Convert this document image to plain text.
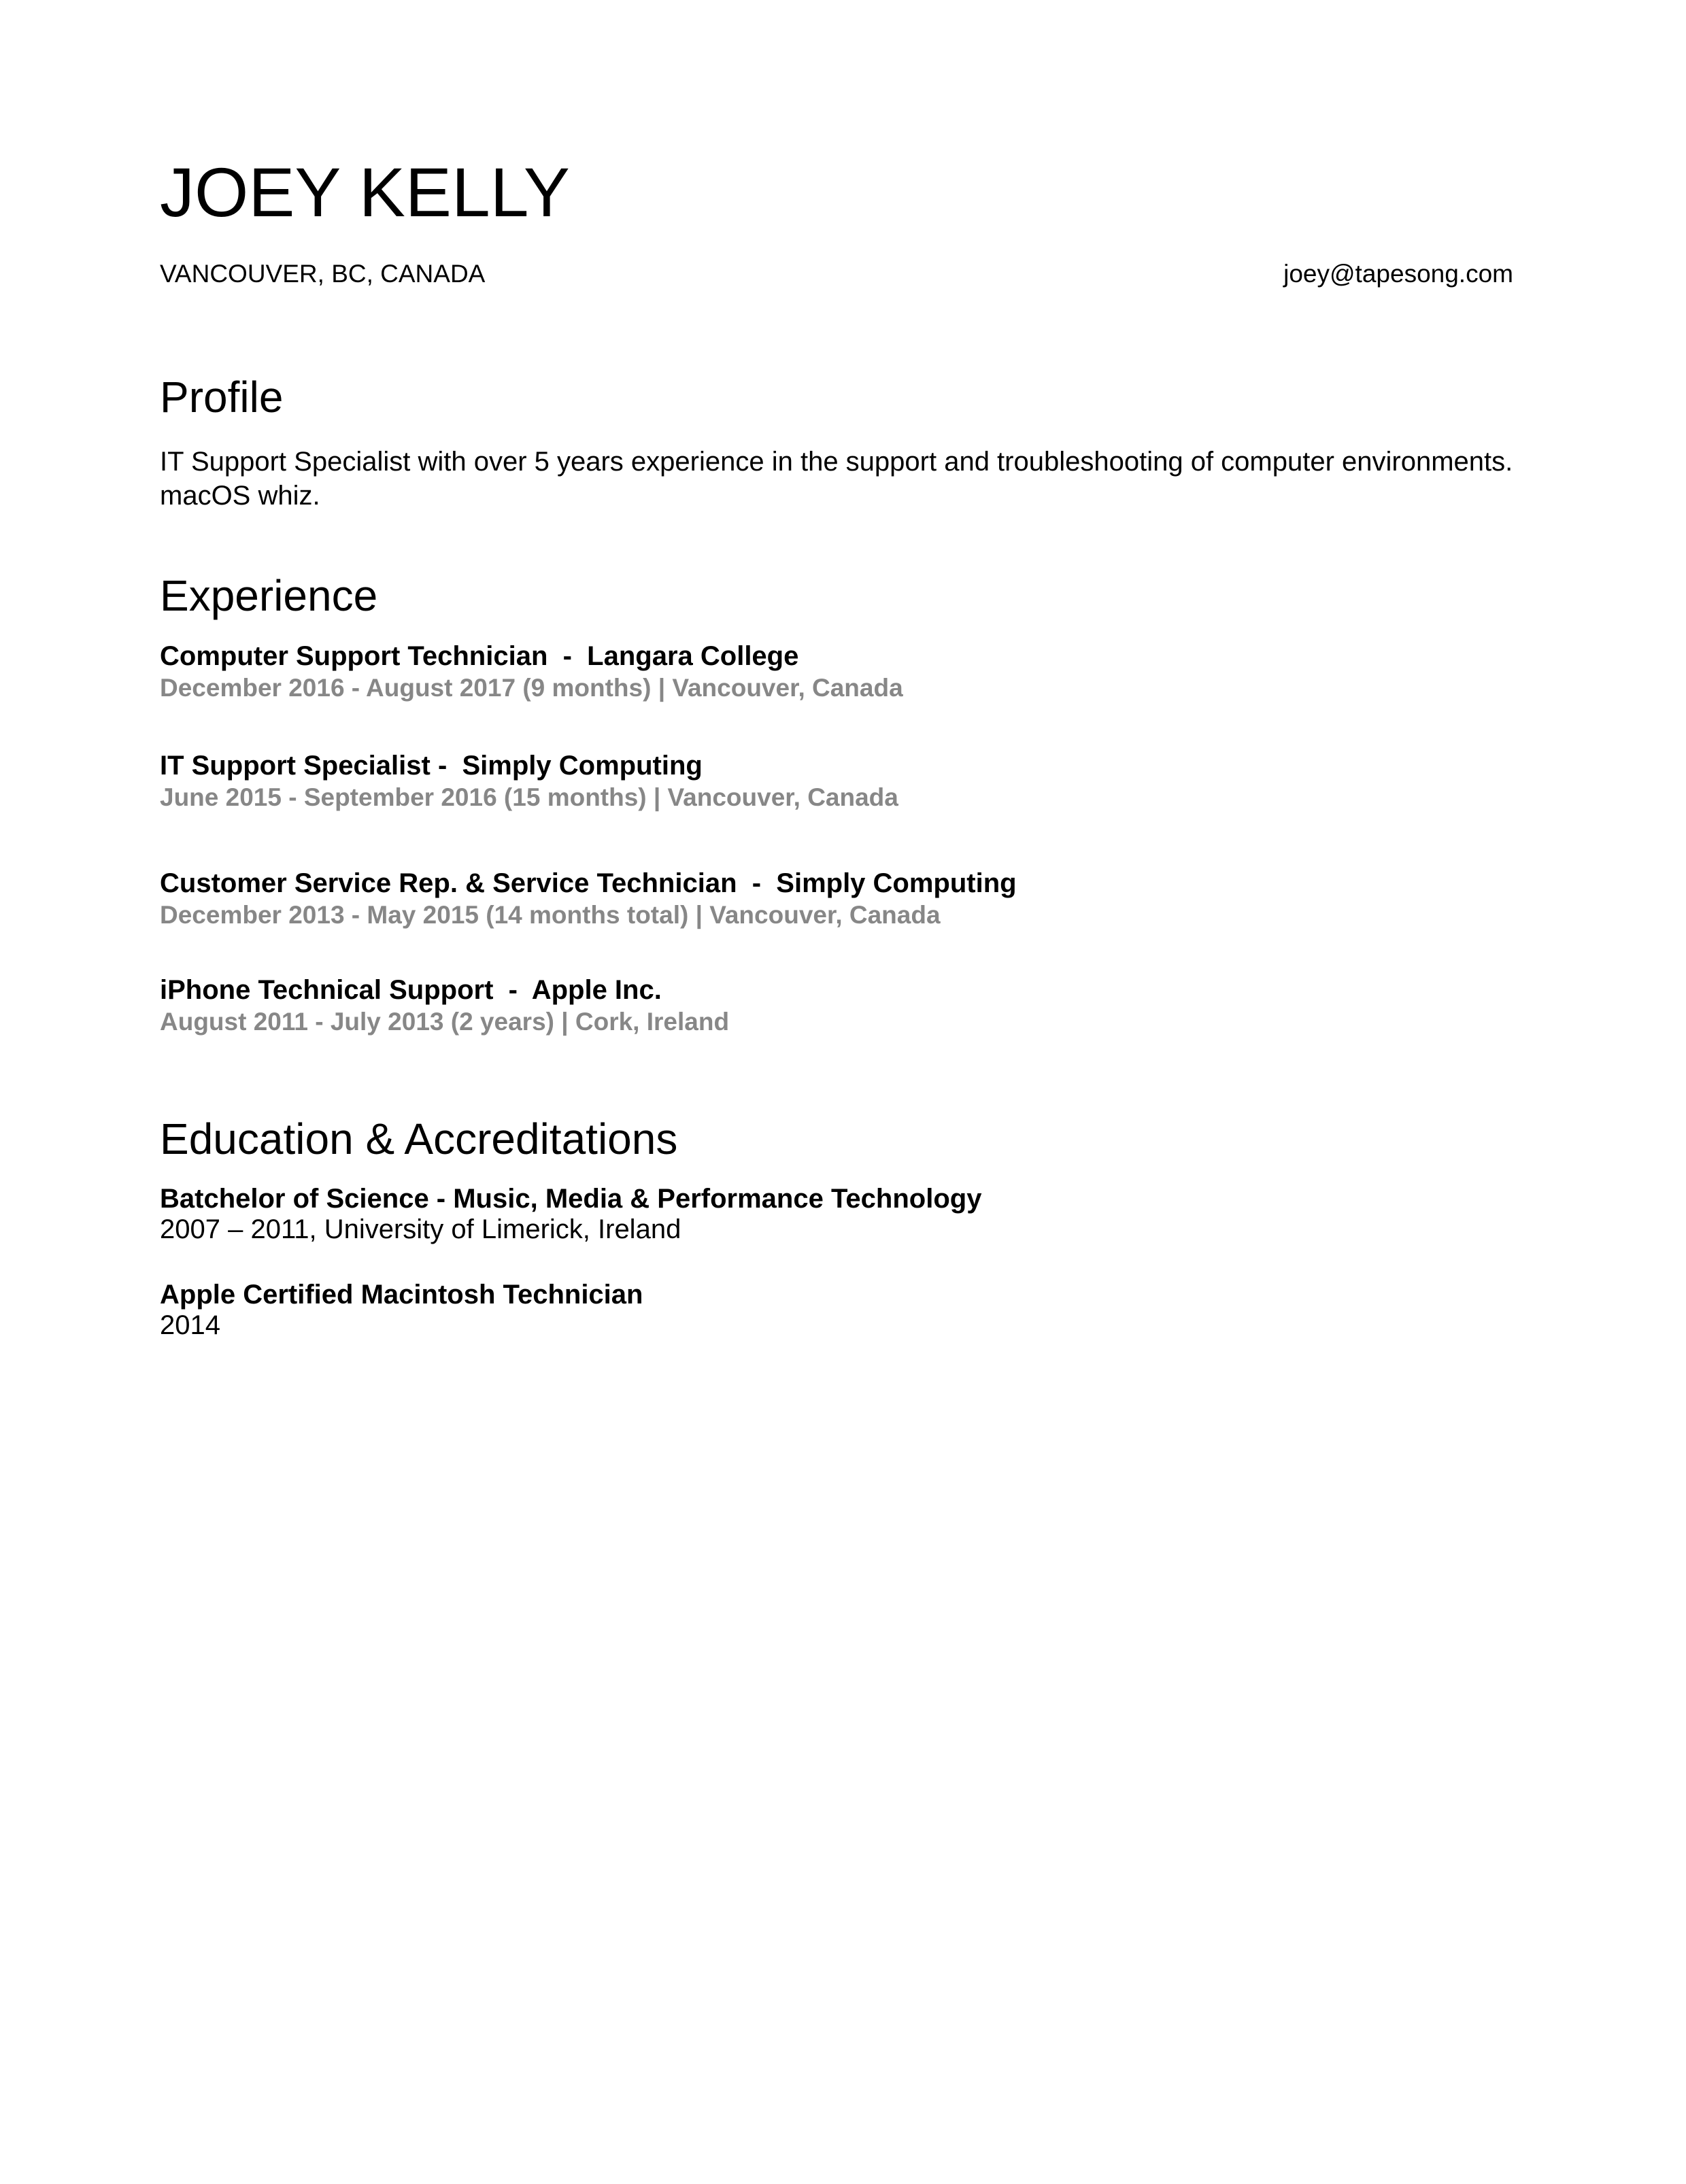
JOEY KELLY
VANCOUVER, BC, CANADA	joey@tapesong.com
Profile

IT Support Specialist with over 5 years experience in the support and troubleshooting of computer environments. macOS whiz.

Experience
Computer Support Technician  -  Langara College
December 2016 - August 2017 (9 months) | Vancouver, Canada
IT Support Specialist -  Simply Computing
June 2015 - September 2016 (15 months) | Vancouver, Canada
Customer Service Rep. & Service Technician  -  Simply Computing
December 2013 - May 2015 (14 months total) | Vancouver, Canada
iPhone Technical Support  -  Apple Inc.
August 2011 - July 2013 (2 years) | Cork, Ireland
Education & Accreditations
Batchelor of Science - Music, Media & Performance Technology
2007 – 2011, University of Limerick, Ireland
Apple Certified Macintosh Technician
2014
